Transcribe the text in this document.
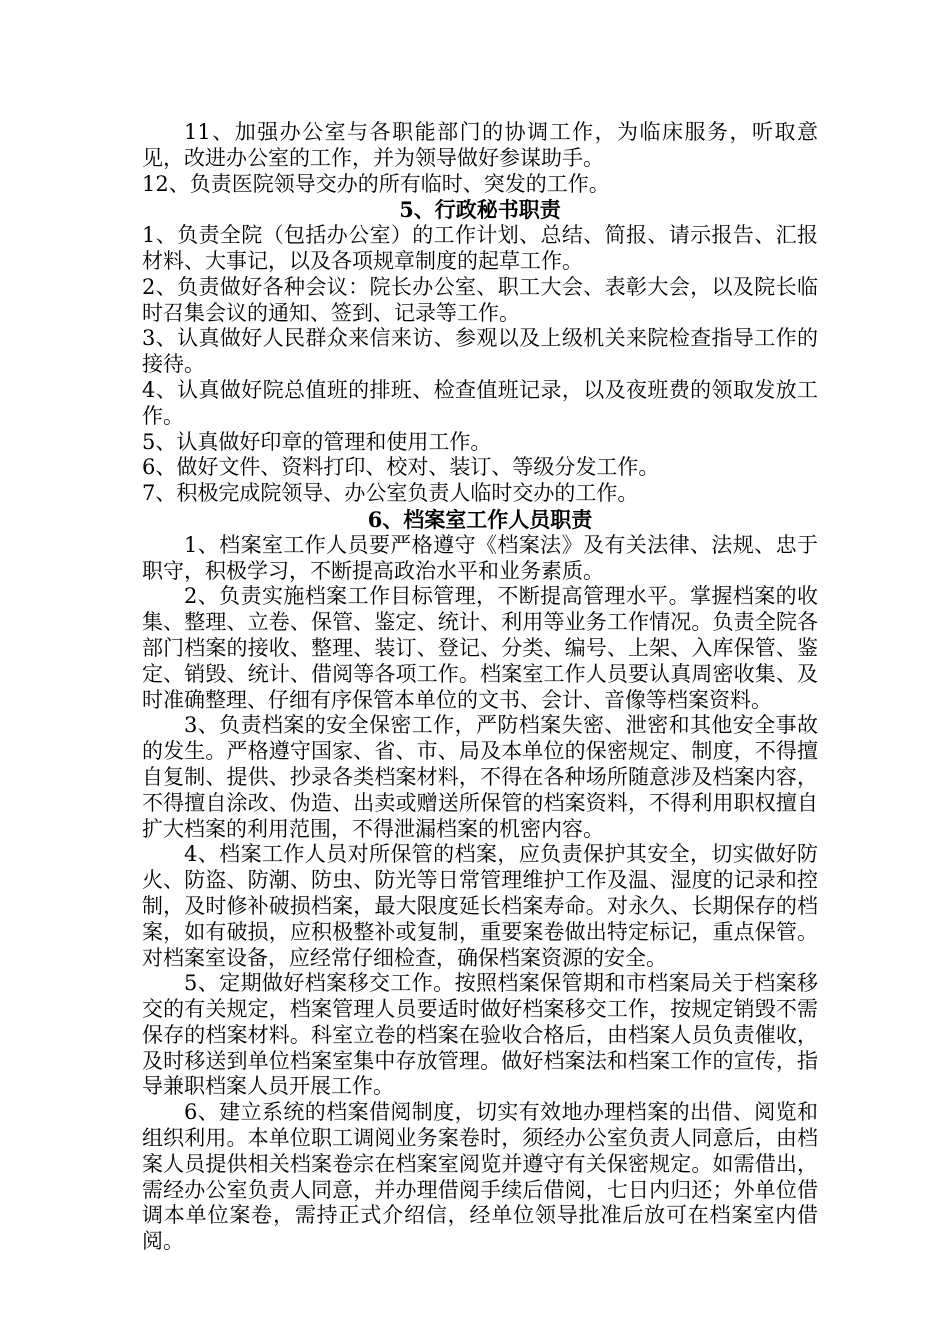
11、加强办公室与各职能部门的协调工作，为临床服务，听取意见，改进办公室的工作，并为领导做好参谋助手。

12、负责医院领导交办的所有临时、突发的工作。

5、行政秘书职责

1、负责全院（包括办公室）的工作计划、总结、简报、请示报告、汇报材料、大事记，以及各项规章制度的起草工作。

2、负责做好各种会议：院长办公室、职工大会、表彰大会，以及院长临时召集会议的通知、签到、记录等工作。

3、认真做好人民群众来信来访、参观以及上级机关来院检查指导工作的接待。

4、认真做好院总值班的排班、检查值班记录，以及夜班费的领取发放工作。

5、认真做好印章的管理和使用工作。

6、做好文件、资料打印、校对、装订、等级分发工作。

7、积极完成院领导、办公室负责人临时交办的工作。

6、档案室工作人员职责

1、档案室工作人员要严格遵守《档案法》及有关法律、法规、忠于职守，积极学习，不断提高政治水平和业务素质。

2、负责实施档案工作目标管理，不断提高管理水平。掌握档案的收集、整理、立卷、保管、鉴定、统计、利用等业务工作情况。负责全院各部门档案的接收、整理、装订、登记、分类、编号、上架、入库保管、鉴定、销毁、统计、借阅等各项工作。档案室工作人员要认真周密收集、及时准确整理、仔细有序保管本单位的文书、会计、音像等档案资料。

3、负责档案的安全保密工作，严防档案失密、泄密和其他安全事故的发生。严格遵守国家、省、市、局及本单位的保密规定、制度，不得擅自复制、提供、抄录各类档案材料，不得在各种场所随意涉及档案内容，不得擅自涂改、伪造、出卖或赠送所保管的档案资料，不得利用职权擅自扩大档案的利用范围，不得泄漏档案的机密内容。

4、档案工作人员对所保管的档案，应负责保护其安全，切实做好防火、防盗、防潮、防虫、防光等日常管理维护工作及温、湿度的记录和控制，及时修补破损档案，最大限度延长档案寿命。对永久、长期保存的档案，如有破损，应积极整补或复制，重要案卷做出特定标记，重点保管。对档案室设备，应经常仔细检查，确保档案资源的安全。

5、定期做好档案移交工作。按照档案保管期和市档案局关于档案移交的有关规定，档案管理人员要适时做好档案移交工作，按规定销毁不需保存的档案材料。科室立卷的档案在验收合格后，由档案人员负责催收，及时移送到单位档案室集中存放管理。做好档案法和档案工作的宣传，指导兼职档案人员开展工作。

6、建立系统的档案借阅制度，切实有效地办理档案的出借、阅览和组织利用。本单位职工调阅业务案卷时，须经办公室负责人同意后，由档案人员提供相关档案卷宗在档案室阅览并遵守有关保密规定。如需借出，需经办公室负责人同意，并办理借阅手续后借阅，七日内归还；外单位借调本单位案卷，需持正式介绍信，经单位领导批准后放可在档案室内借阅。
